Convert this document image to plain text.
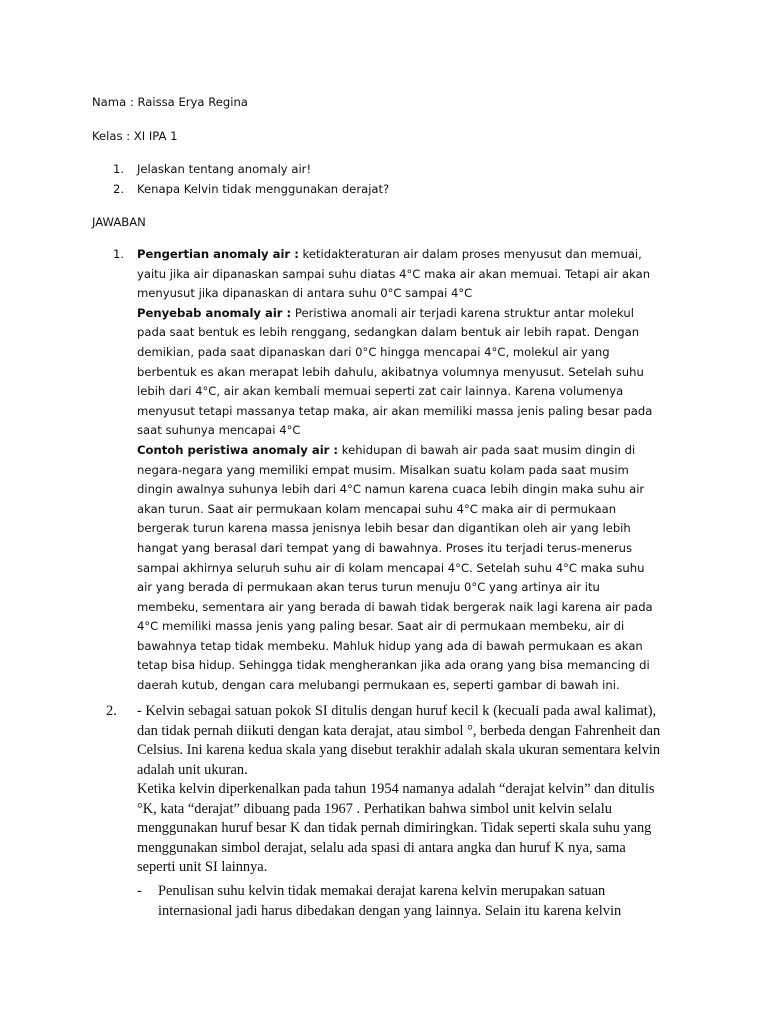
Nama : Raissa Erya Regina

Kelas : XI IPA 1

1. Jelaskan tentang anomaly air!
2. Kenapa Kelvin tidak menggunakan derajat?

JAWABAN

1. Pengertian anomaly air : ketidakteraturan air dalam proses menyusut dan memuai, yaitu jika air dipanaskan sampai suhu diatas 4°C maka air akan memuai. Tetapi air akan menyusut jika dipanaskan di antara suhu 0°C sampai 4°C

Penyebab anomaly air : Peristiwa anomali air terjadi karena struktur antar molekul pada saat bentuk es lebih renggang, sedangkan dalam bentuk air lebih rapat. Dengan demikian, pada saat dipanaskan dari 0°C hingga mencapai 4°C, molekul air yang berbentuk es akan merapat lebih dahulu, akibatnya volumnya menyusut. Setelah suhu lebih dari 4°C, air akan kembali memuai seperti zat cair lainnya. Karena volumenya menyusut tetapi massanya tetap maka, air akan memiliki massa jenis paling besar pada saat suhunya mencapai 4°C

Contoh peristiwa anomaly air : kehidupan di bawah air pada saat musim dingin di negara-negara yang memiliki empat musim. Misalkan suatu kolam pada saat musim dingin awalnya suhunya lebih dari 4°C namun karena cuaca lebih dingin maka suhu air akan turun. Saat air permukaan kolam mencapai suhu 4°C maka air di permukaan bergerak turun karena massa jenisnya lebih besar dan digantikan oleh air yang lebih hangat yang berasal dari tempat yang di bawahnya. Proses itu terjadi terus-menerus sampai akhirnya seluruh suhu air di kolam mencapai 4°C. Setelah suhu 4°C maka suhu air yang berada di permukaan akan terus turun menuju 0°C yang artinya air itu membeku, sementara air yang berada di bawah tidak bergerak naik lagi karena air pada 4°C memiliki massa jenis yang paling besar. Saat air di permukaan membeku, air di bawahnya tetap tidak membeku. Mahluk hidup yang ada di bawah permukaan es akan tetap bisa hidup. Sehingga tidak mengherankan jika ada orang yang bisa memancing di daerah kutub, dengan cara melubangi permukaan es, seperti gambar di bawah ini.

2. - Kelvin sebagai satuan pokok SI ditulis dengan huruf kecil k (kecuali pada awal kalimat), dan tidak pernah diikuti dengan kata derajat, atau simbol °, berbeda dengan Fahrenheit dan Celsius. Ini karena kedua skala yang disebut terakhir adalah skala ukuran sementara kelvin adalah unit ukuran.

Ketika kelvin diperkenalkan pada tahun 1954 namanya adalah “derajat kelvin” dan ditulis °K, kata “derajat” dibuang pada 1967 . Perhatikan bahwa simbol unit kelvin selalu menggunakan huruf besar K dan tidak pernah dimiringkan. Tidak seperti skala suhu yang menggunakan simbol derajat, selalu ada spasi di antara angka dan huruf K nya, sama seperti unit SI lainnya.

- Penulisan suhu kelvin tidak memakai derajat karena kelvin merupakan satuan internasional jadi harus dibedakan dengan yang lainnya. Selain itu karena kelvin
